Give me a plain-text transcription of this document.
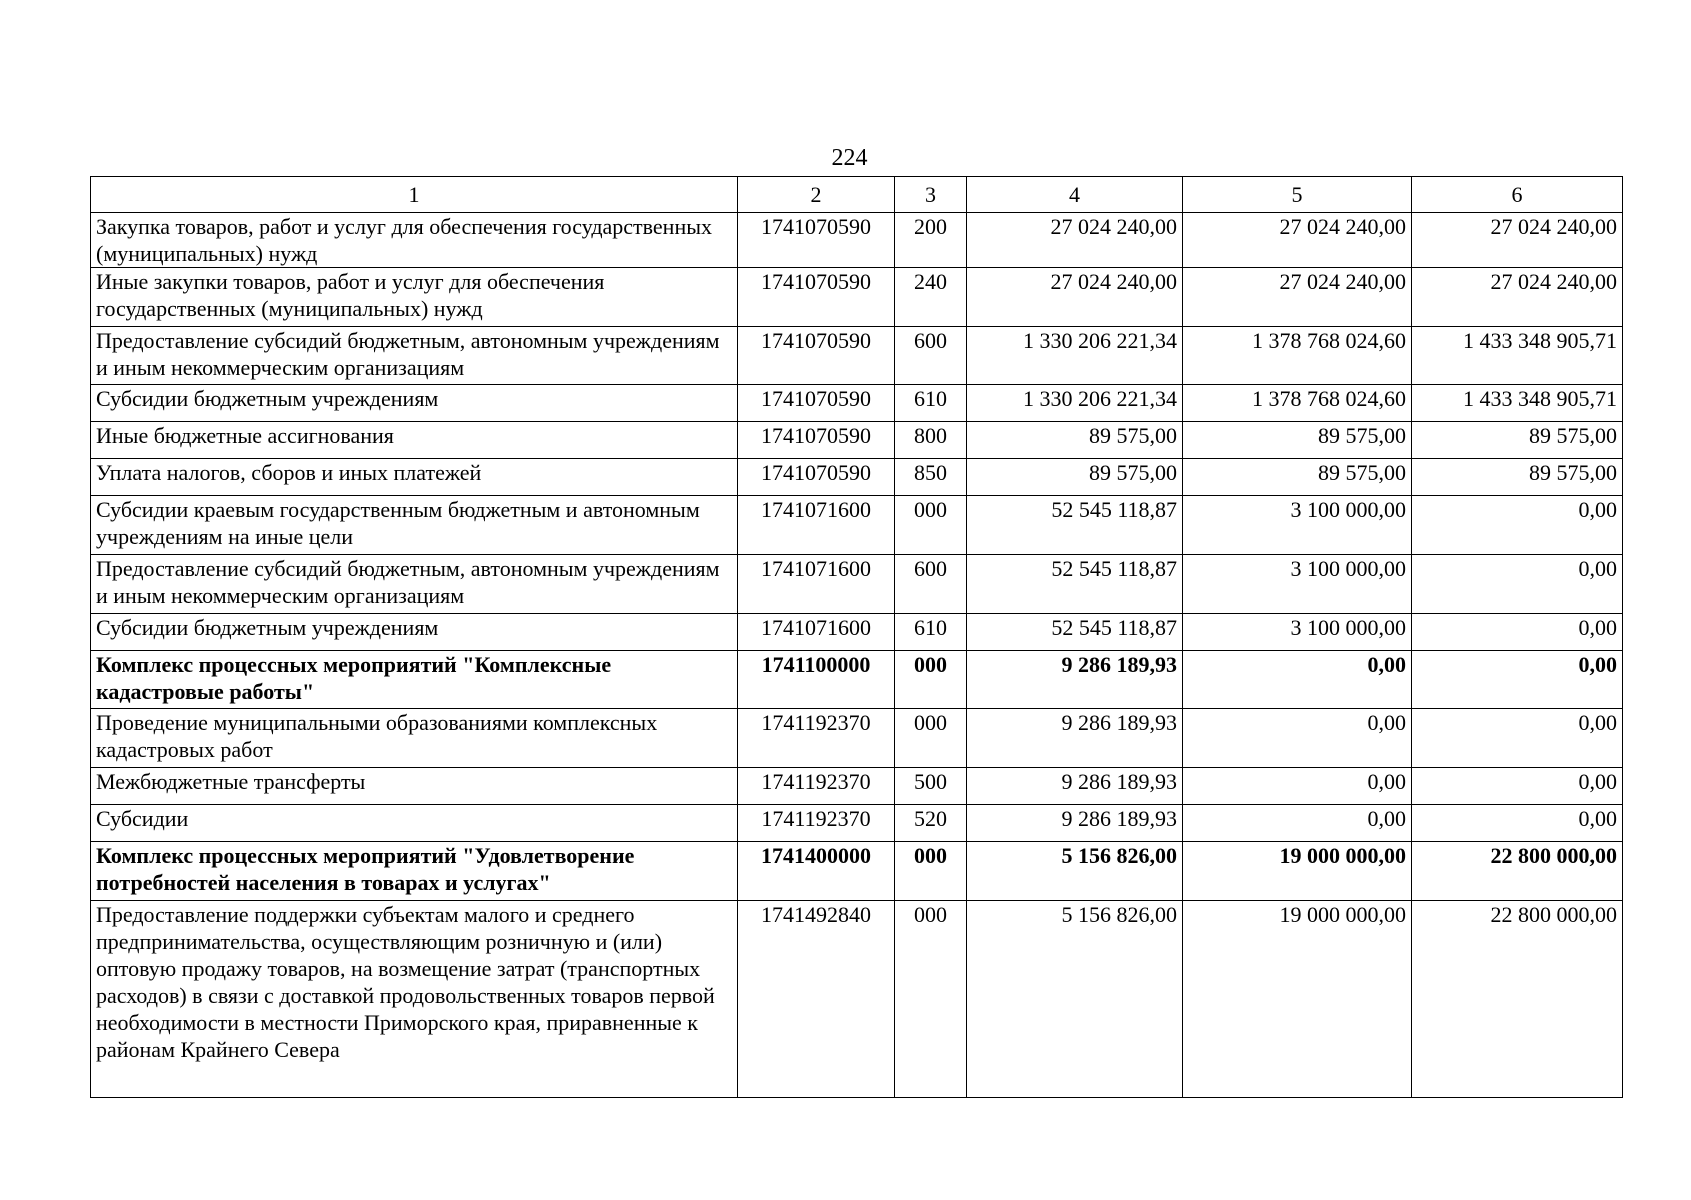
224
1	2	3	4	5	6
Закупка товаров, работ и услуг для обеспечения государственных (муниципальных) нужд	1741070590	200	27 024 240,00	27 024 240,00	27 024 240,00
Иные закупки товаров, работ и услуг для обеспечения государственных (муниципальных) нужд	1741070590	240	27 024 240,00	27 024 240,00	27 024 240,00
Предоставление субсидий бюджетным, автономным учреждениям и иным некоммерческим организациям	1741070590	600	1 330 206 221,34	1 378 768 024,60	1 433 348 905,71
Субсидии бюджетным учреждениям	1741070590	610	1 330 206 221,34	1 378 768 024,60	1 433 348 905,71
Иные бюджетные ассигнования	1741070590	800	89 575,00	89 575,00	89 575,00
Уплата налогов, сборов и иных платежей	1741070590	850	89 575,00	89 575,00	89 575,00
Субсидии краевым государственным бюджетным и автономным учреждениям на иные цели	1741071600	000	52 545 118,87	3 100 000,00	0,00
Предоставление субсидий бюджетным, автономным учреждениям и иным некоммерческим организациям	1741071600	600	52 545 118,87	3 100 000,00	0,00
Субсидии бюджетным учреждениям	1741071600	610	52 545 118,87	3 100 000,00	0,00
Комплекс процессных мероприятий "Комплексные кадастровые работы"	1741100000	000	9 286 189,93	0,00	0,00
Проведение муниципальными образованиями комплексных кадастровых работ	1741192370	000	9 286 189,93	0,00	0,00
Межбюджетные трансферты	1741192370	500	9 286 189,93	0,00	0,00
Субсидии	1741192370	520	9 286 189,93	0,00	0,00
Комплекс процессных мероприятий "Удовлетворение потребностей населения в товарах и услугах"	1741400000	000	5 156 826,00	19 000 000,00	22 800 000,00
Предоставление поддержки субъектам малого и среднего предпринимательства, осуществляющим розничную и (или) оптовую продажу товаров, на возмещение затрат (транспортных расходов) в связи с доставкой продовольственных товаров первой необходимости в местности Приморского края, приравненные к районам Крайнего Севера	1741492840	000	5 156 826,00	19 000 000,00	22 800 000,00
